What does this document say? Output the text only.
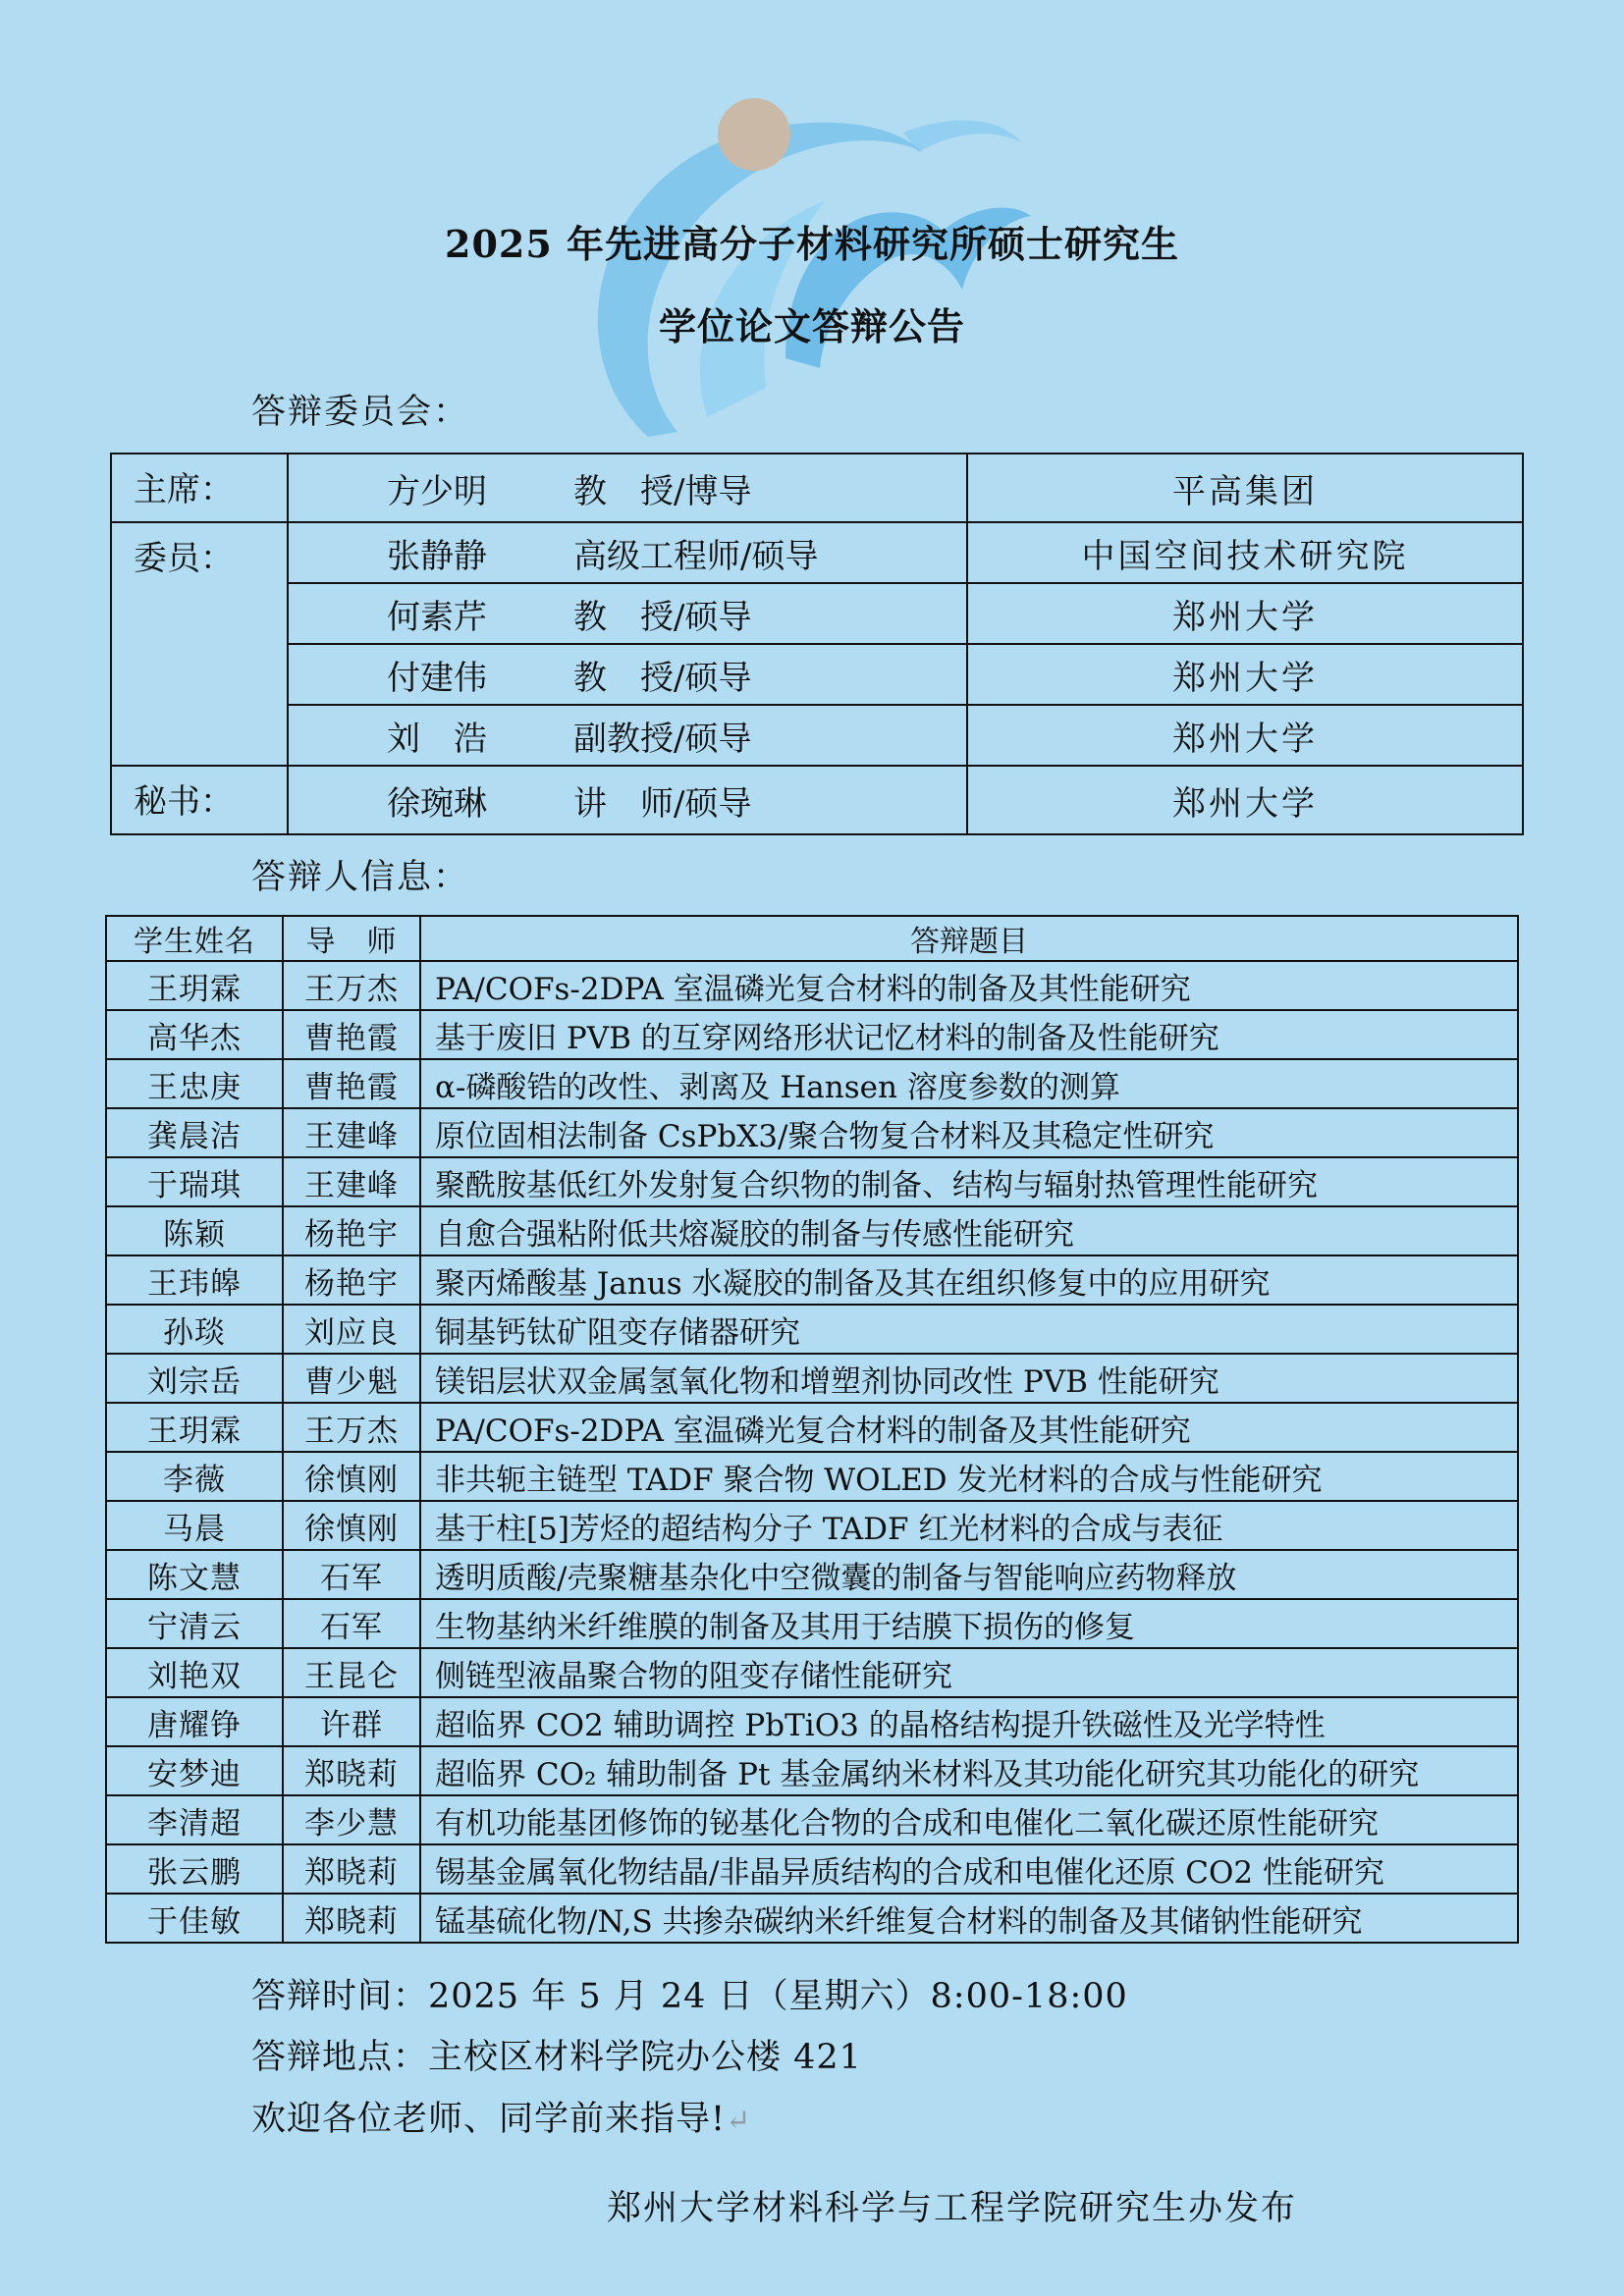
2025 年先进高分子材料研究所硕士研究生
学位论文答辩公告
答辩委员会：
主席：	方少明 教　授/博导	平高集团
委员：	张静静 高级工程师/硕导	中国空间技术研究院
	何素芹 教　授/硕导	郑州大学
	付建伟 教　授/硕导	郑州大学
	刘　浩 副教授/硕导	郑州大学
秘书：	徐琬琳 讲　师/硕导	郑州大学
答辩人信息：
学生姓名	导　师	答辩题目
王玥霖	王万杰	PA/COFs-2DPA 室温磷光复合材料的制备及其性能研究
高华杰	曹艳霞	基于废旧 PVB 的互穿网络形状记忆材料的制备及性能研究
王忠庚	曹艳霞	α-磷酸锆的改性、剥离及 Hansen 溶度参数的测算
龚晨洁	王建峰	原位固相法制备 CsPbX3/聚合物复合材料及其稳定性研究
于瑞琪	王建峰	聚酰胺基低红外发射复合织物的制备、结构与辐射热管理性能研究
陈颖	杨艳宇	自愈合强粘附低共熔凝胶的制备与传感性能研究
王玮皞	杨艳宇	聚丙烯酸基 Janus 水凝胶的制备及其在组织修复中的应用研究
孙琰	刘应良	铜基钙钛矿阻变存储器研究
刘宗岳	曹少魁	镁铝层状双金属氢氧化物和增塑剂协同改性 PVB 性能研究
王玥霖	王万杰	PA/COFs-2DPA 室温磷光复合材料的制备及其性能研究
李薇	徐慎刚	非共轭主链型 TADF 聚合物 WOLED 发光材料的合成与性能研究
马晨	徐慎刚	基于柱[5]芳烃的超结构分子 TADF 红光材料的合成与表征
陈文慧	石军	透明质酸/壳聚糖基杂化中空微囊的制备与智能响应药物释放
宁清云	石军	生物基纳米纤维膜的制备及其用于结膜下损伤的修复
刘艳双	王昆仑	侧链型液晶聚合物的阻变存储性能研究
唐耀铮	许群	超临界 CO2 辅助调控 PbTiO3 的晶格结构提升铁磁性及光学特性
安梦迪	郑晓莉	超临界 CO₂ 辅助制备 Pt 基金属纳米材料及其功能化研究其功能化的研究
李清超	李少慧	有机功能基团修饰的铋基化合物的合成和电催化二氧化碳还原性能研究
张云鹏	郑晓莉	锡基金属氧化物结晶/非晶异质结构的合成和电催化还原 CO2 性能研究
于佳敏	郑晓莉	锰基硫化物/N,S 共掺杂碳纳米纤维复合材料的制备及其储钠性能研究
答辩时间：2025 年 5 月 24 日（星期六）8:00-18:00
答辩地点：主校区材料学院办公楼 421
欢迎各位老师、同学前来指导!↵
郑州大学材料科学与工程学院研究生办发布
